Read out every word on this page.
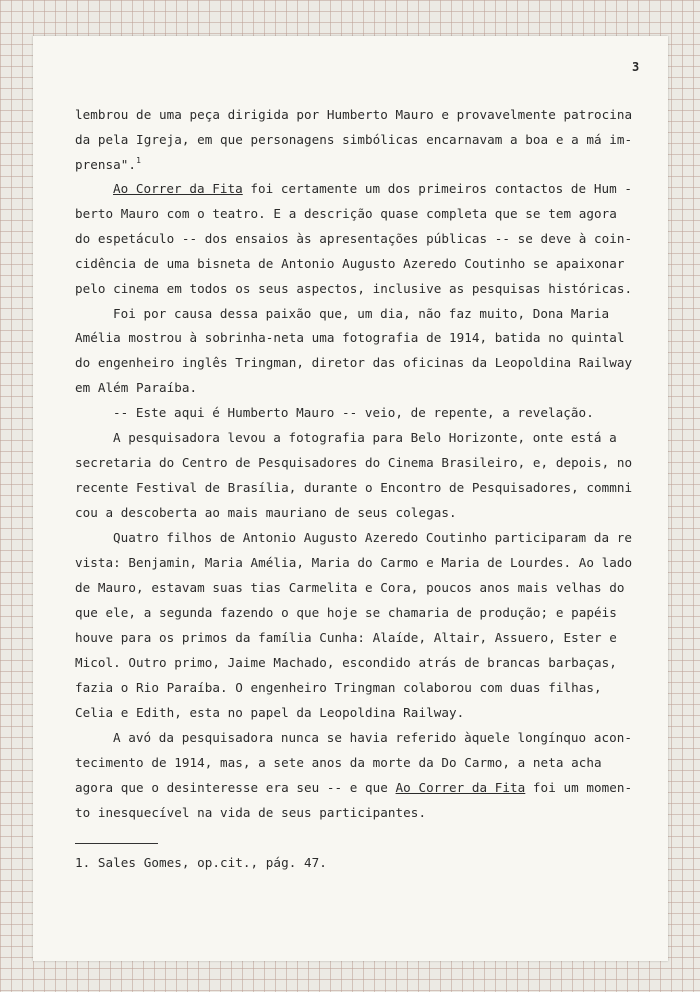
3
lembrou de uma peça dirigida por Humberto Mauro e provavelmente patrocina
da pela Igreja, em que personagens simbólicas encarnavam a boa e a má im-
prensa".$^1$
Ao Correr da Fita foi certamente um dos primeiros contactos de Hum -
berto Mauro com o teatro. E a descrição quase completa que se tem agora
do espetáculo -- dos ensaios às apresentações públicas -- se deve à coin-
cidência de uma bisneta de Antonio Augusto Azeredo Coutinho se apaixonar
pelo cinema em todos os seus aspectos, inclusive as pesquisas históricas.
Foi por causa dessa paixão que, um dia, não faz muito, Dona Maria
Amélia mostrou à sobrinha-neta uma fotografia de 1914, batida no quintal
do engenheiro inglês Tringman, diretor das oficinas da Leopoldina Railway
em Além Paraíba.
-- Este aqui é Humberto Mauro -- veio, de repente, a revelação.
A pesquisadora levou a fotografia para Belo Horizonte, onte está a
secretaria do Centro de Pesquisadores do Cinema Brasileiro, e, depois, no
recente Festival de Brasília, durante o Encontro de Pesquisadores, commni
cou a descoberta ao mais mauriano de seus colegas.
Quatro filhos de Antonio Augusto Azeredo Coutinho participaram da re
vista: Benjamin, Maria Amélia, Maria do Carmo e Maria de Lourdes. Ao lado
de Mauro, estavam suas tias Carmelita e Cora, poucos anos mais velhas do
que ele, a segunda fazendo o que hoje se chamaria de produção; e papéis
houve para os primos da família Cunha: Alaíde, Altair, Assuero, Ester e
Micol. Outro primo, Jaime Machado, escondido atrás de brancas barbaças,
fazia o Rio Paraíba. O engenheiro Tringman colaborou com duas filhas,
Celia e Edith, esta no papel da Leopoldina Railway.
A avó da pesquisadora nunca se havia referido àquele longínquo acon-
tecimento de 1914, mas, a sete anos da morte da Do Carmo, a neta acha
agora que o desinteresse era seu -- e que Ao Correr da Fita foi um momen-
to inesquecível na vida de seus participantes.
1. Sales Gomes, op.cit., pág. 47.
